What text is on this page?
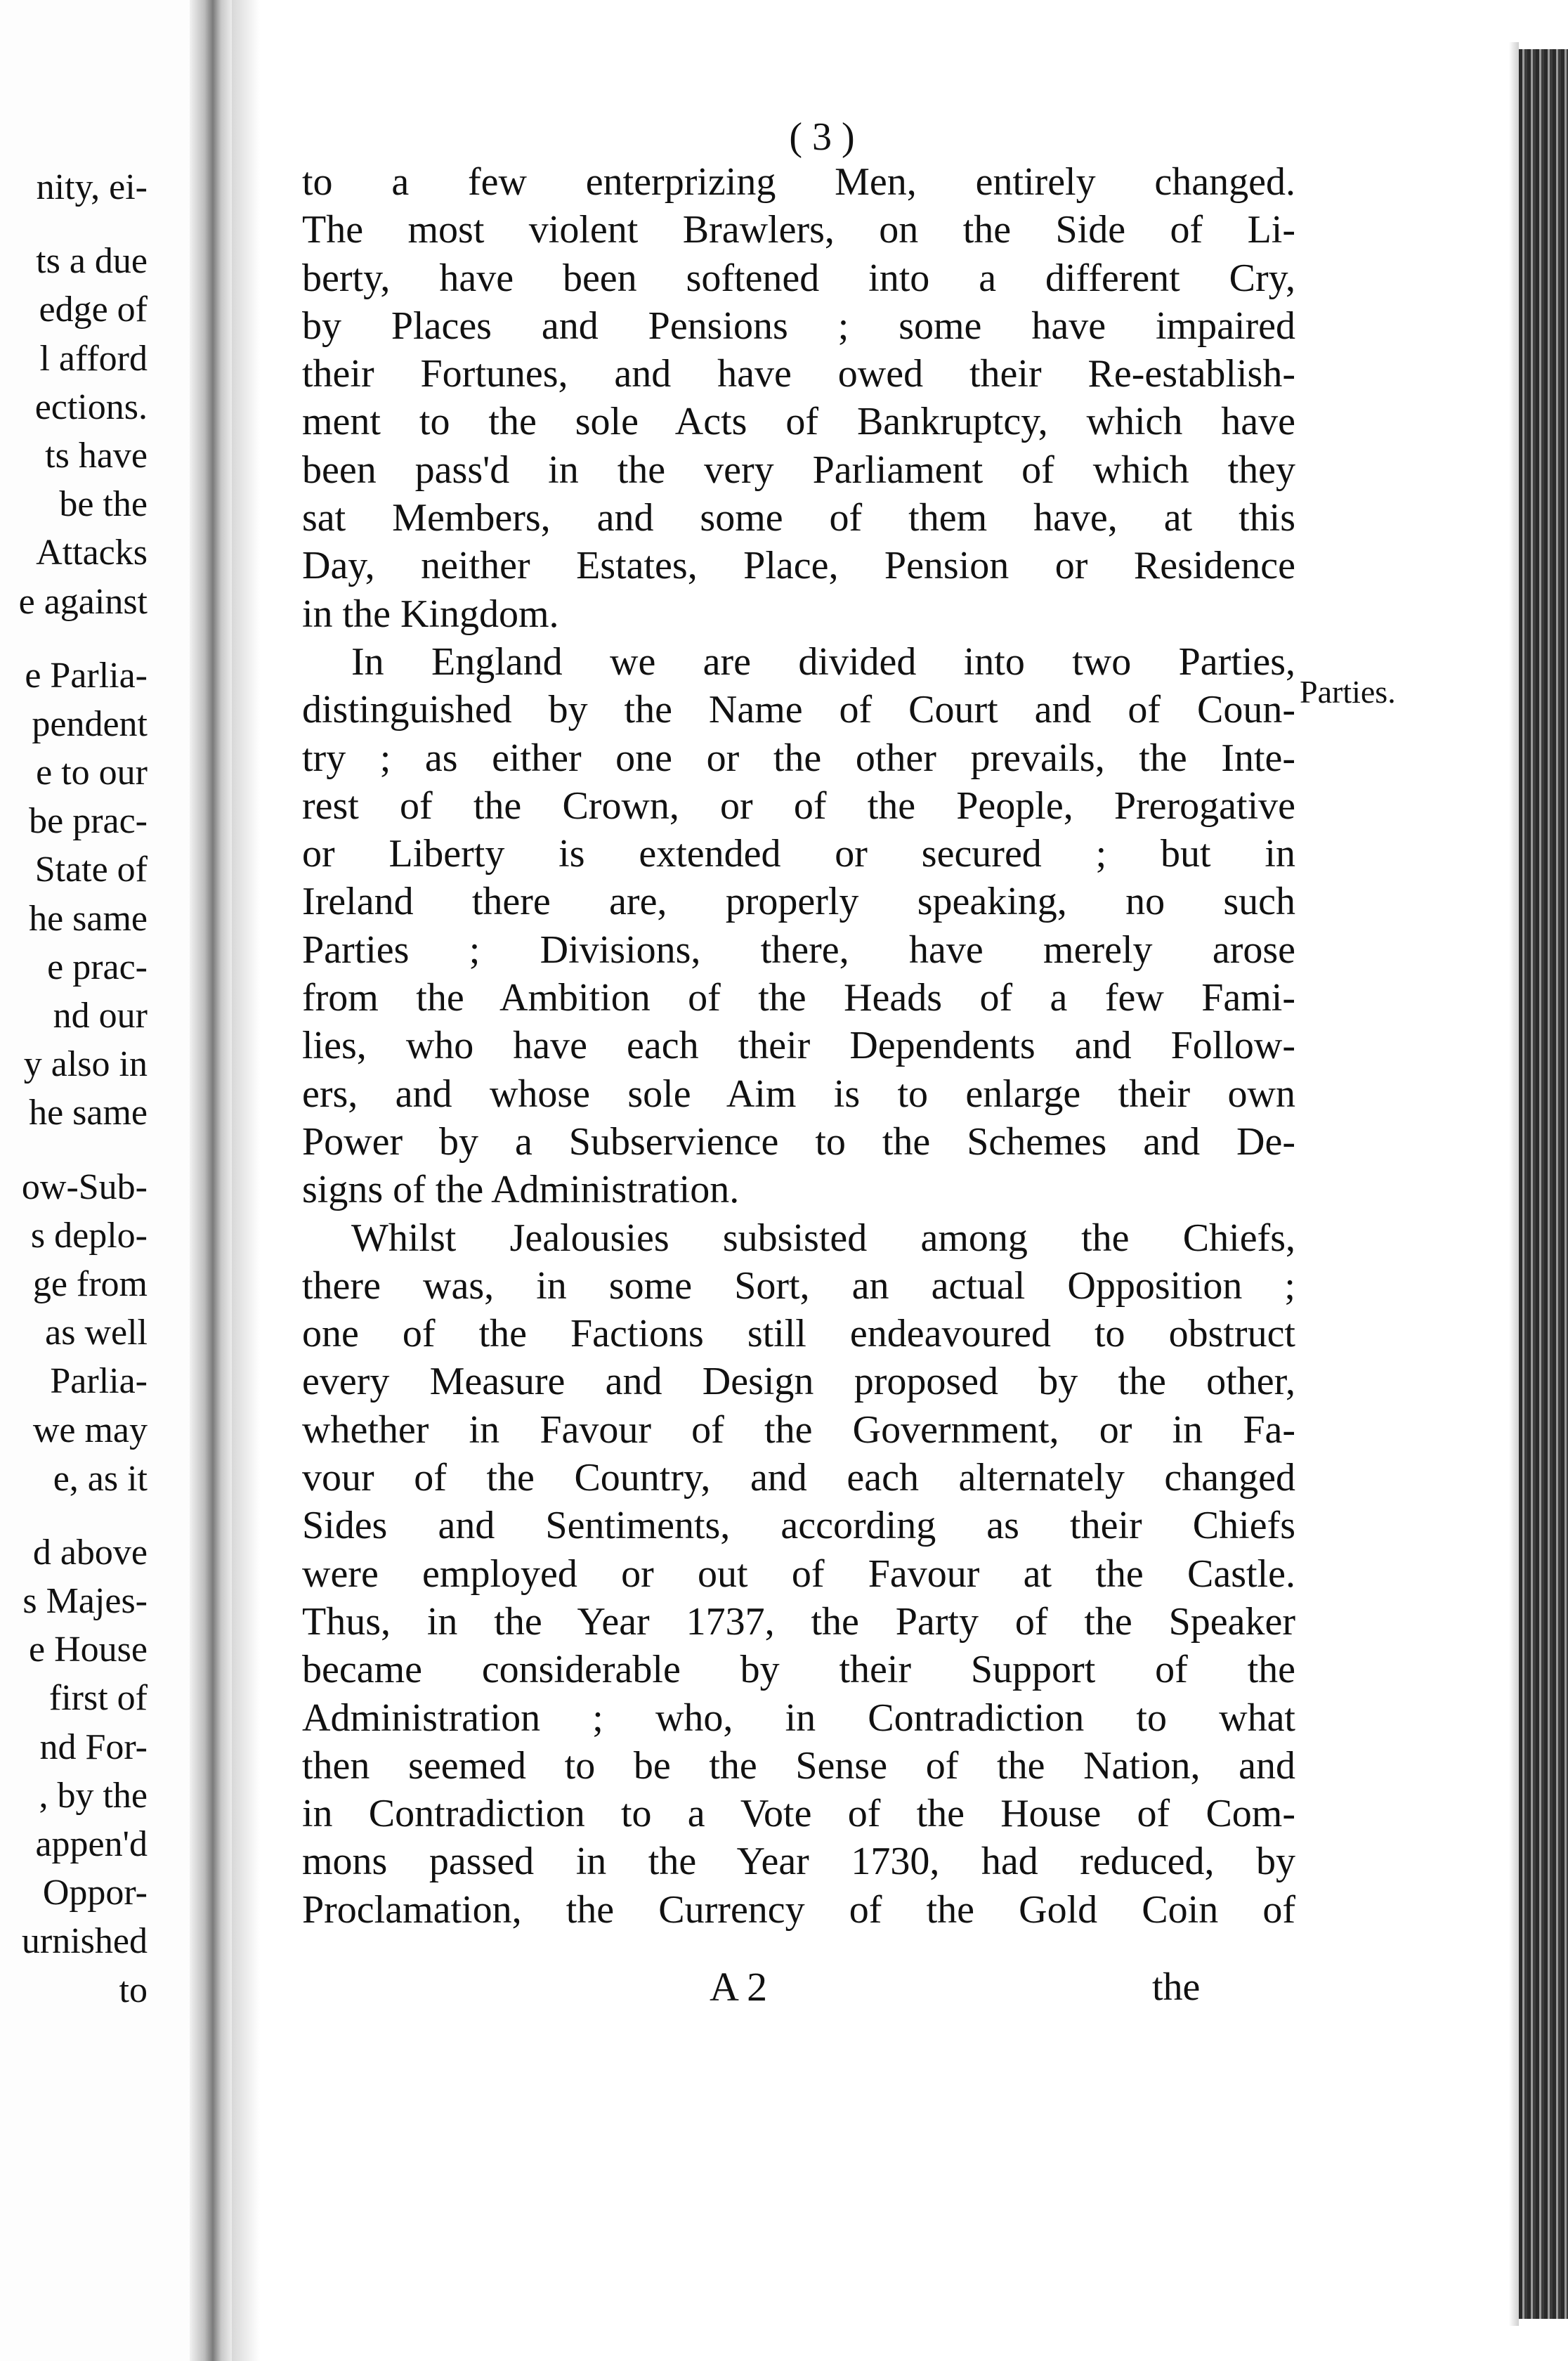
nity, ei-
ts a due
edge of
l afford
ections.
ts have
be the
Attacks
e against
e Parlia-
pendent
e to our
be prac-
State of
he same
e prac-
nd our
y also in
he same
ow-Sub-
s deplo-
ge from
as well
Parlia-
we may
e, as it
d above
s Majes-
e House
first of
nd For-
, by the
appen'd
Oppor-
urnished
to
( 3 )
to a few enterprizing Men, entirely changed.
The most violent Brawlers, on the Side of Li-
berty, have been softened into a different Cry,
by Places and Pensions ; some have impaired
their Fortunes, and have owed their Re-establish-
ment to the sole Acts of Bankruptcy, which have
been pass'd in the very Parliament of which they
sat Members, and some of them have, at this
Day, neither Estates, Place, Pension or Residence
in the Kingdom.
In England we are divided into two Parties,
distinguished by the Name of Court and of Coun-
try ; as either one or the other prevails, the Inte-
rest of the Crown, or of the People, Prerogative
or Liberty is extended or secured ; but in
Ireland there are, properly speaking, no such
Parties ; Divisions, there, have merely arose
from the Ambition of the Heads of a few Fami-
lies, who have each their Dependents and Follow-
ers, and whose sole Aim is to enlarge their own
Power by a Subservience to the Schemes and De-
signs of the Administration.
Whilst Jealousies subsisted among the Chiefs,
there was, in some Sort, an actual Opposition ;
one of the Factions still endeavoured to obstruct
every Measure and Design proposed by the other,
whether in Favour of the Government, or in Fa-
vour of the Country, and each alternately changed
Sides and Sentiments, according as their Chiefs
were employed or out of Favour at the Castle.
Thus, in the Year 1737, the Party of the Speaker
became considerable by their Support of the
Administration ; who, in Contradiction to what
then seemed to be the Sense of the Nation, and
in Contradiction to a Vote of the House of Com-
mons passed in the Year 1730, had reduced, by
Proclamation, the Currency of the Gold Coin of
Parties.
A 2	the
